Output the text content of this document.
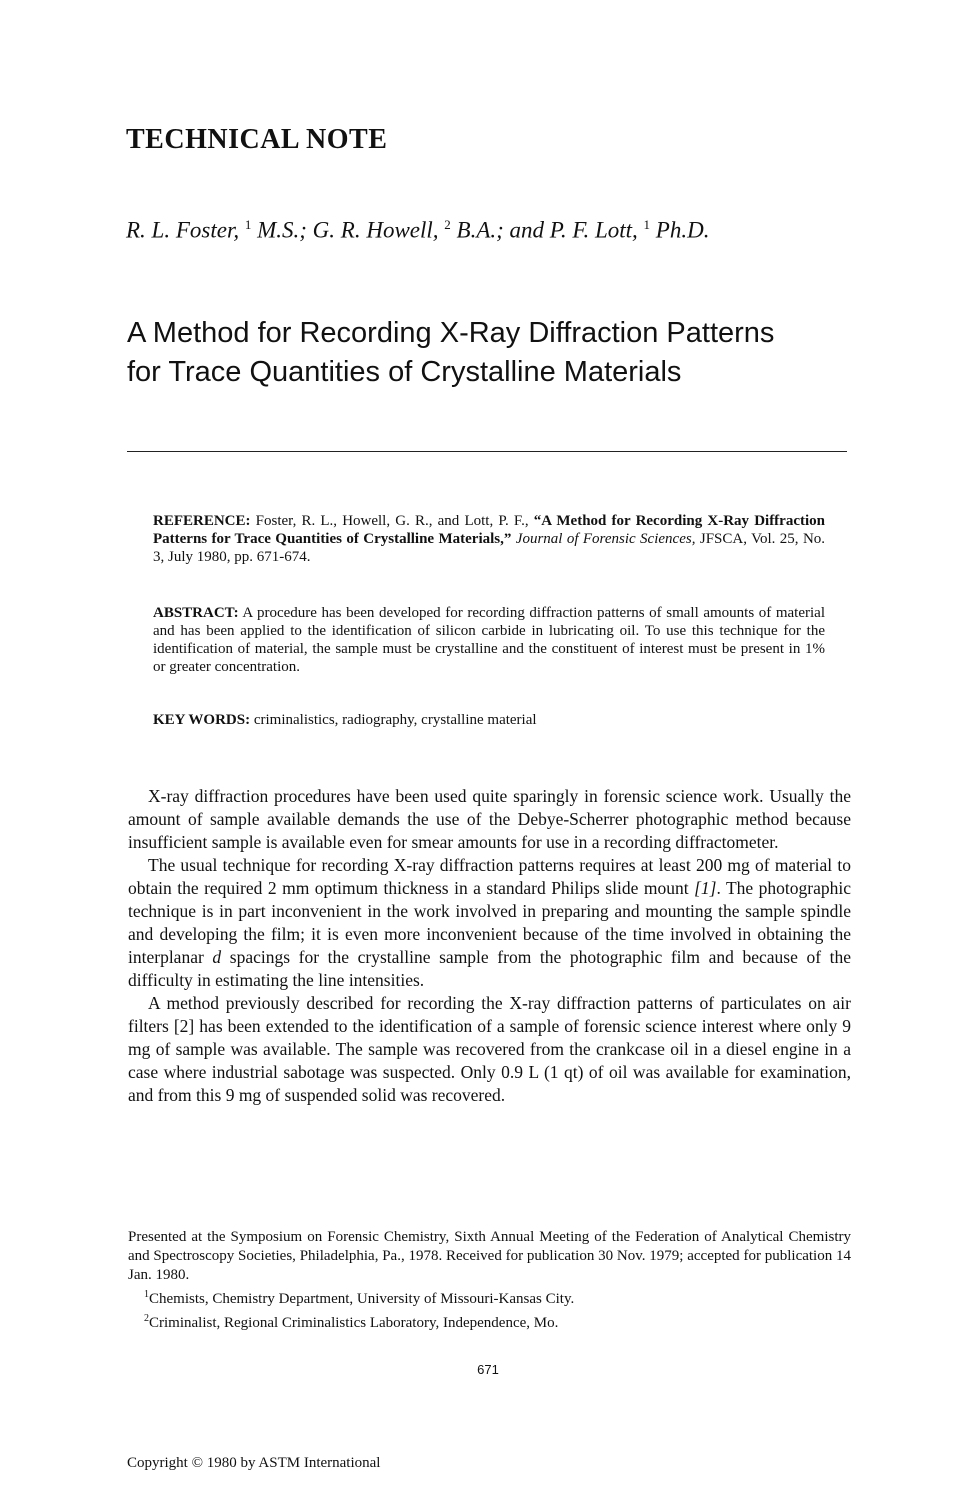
TECHNICAL NOTE
R. L. Foster, $^1$ M.S.; G. R. Howell, $^2$ B.A.; and P. F. Lott, $^1$ Ph.D.
A Method for Recording X-Ray Diffraction Patterns
for Trace Quantities of Crystalline Materials
REFERENCE: Foster, R. L., Howell, G. R., and Lott, P. F., “A Method for Recording X-Ray Diffraction Patterns for Trace Quantities of Crystalline Materials,” Journal of Forensic Sciences, JFSCA, Vol. 25, No. 3, July 1980, pp. 671-674.
ABSTRACT: A procedure has been developed for recording diffraction patterns of small amounts of material and has been applied to the identification of silicon carbide in lubricating oil. To use this technique for the identification of material, the sample must be crystalline and the constituent of interest must be present in 1% or greater concentration.
KEY WORDS: criminalistics, radiography, crystalline material

X-ray diffraction procedures have been used quite sparingly in forensic science work. Usually the amount of sample available demands the use of the Debye-Scherrer photographic method because insufficient sample is available even for smear amounts for use in a recording diffractometer.

The usual technique for recording X-ray diffraction patterns requires at least 200 mg of material to obtain the required 2 mm optimum thickness in a standard Philips slide mount [1]. The photographic technique is in part inconvenient in the work involved in preparing and mounting the sample spindle and developing the film; it is even more inconvenient because of the time involved in obtaining the interplanar d spacings for the crystalline sample from the photographic film and because of the difficulty in estimating the line intensities.

A method previously described for recording the X-ray diffraction patterns of particulates on air filters [2] has been extended to the identification of a sample of forensic science interest where only 9 mg of sample was available. The sample was recovered from the crankcase oil in a diesel engine in a case where industrial sabotage was suspected. Only 0.9 L (1 qt) of oil was available for examination, and from this 9 mg of suspended solid was recovered.

Presented at the Symposium on Forensic Chemistry, Sixth Annual Meeting of the Federation of Analytical Chemistry and Spectroscopy Societies, Philadelphia, Pa., 1978. Received for publication 30 Nov. 1979; accepted for publication 14 Jan. 1980.

$^1$Chemists, Chemistry Department, University of Missouri-Kansas City.

$^2$Criminalist, Regional Criminalistics Laboratory, Independence, Mo.

671
Copyright © 1980 by ASTM International
